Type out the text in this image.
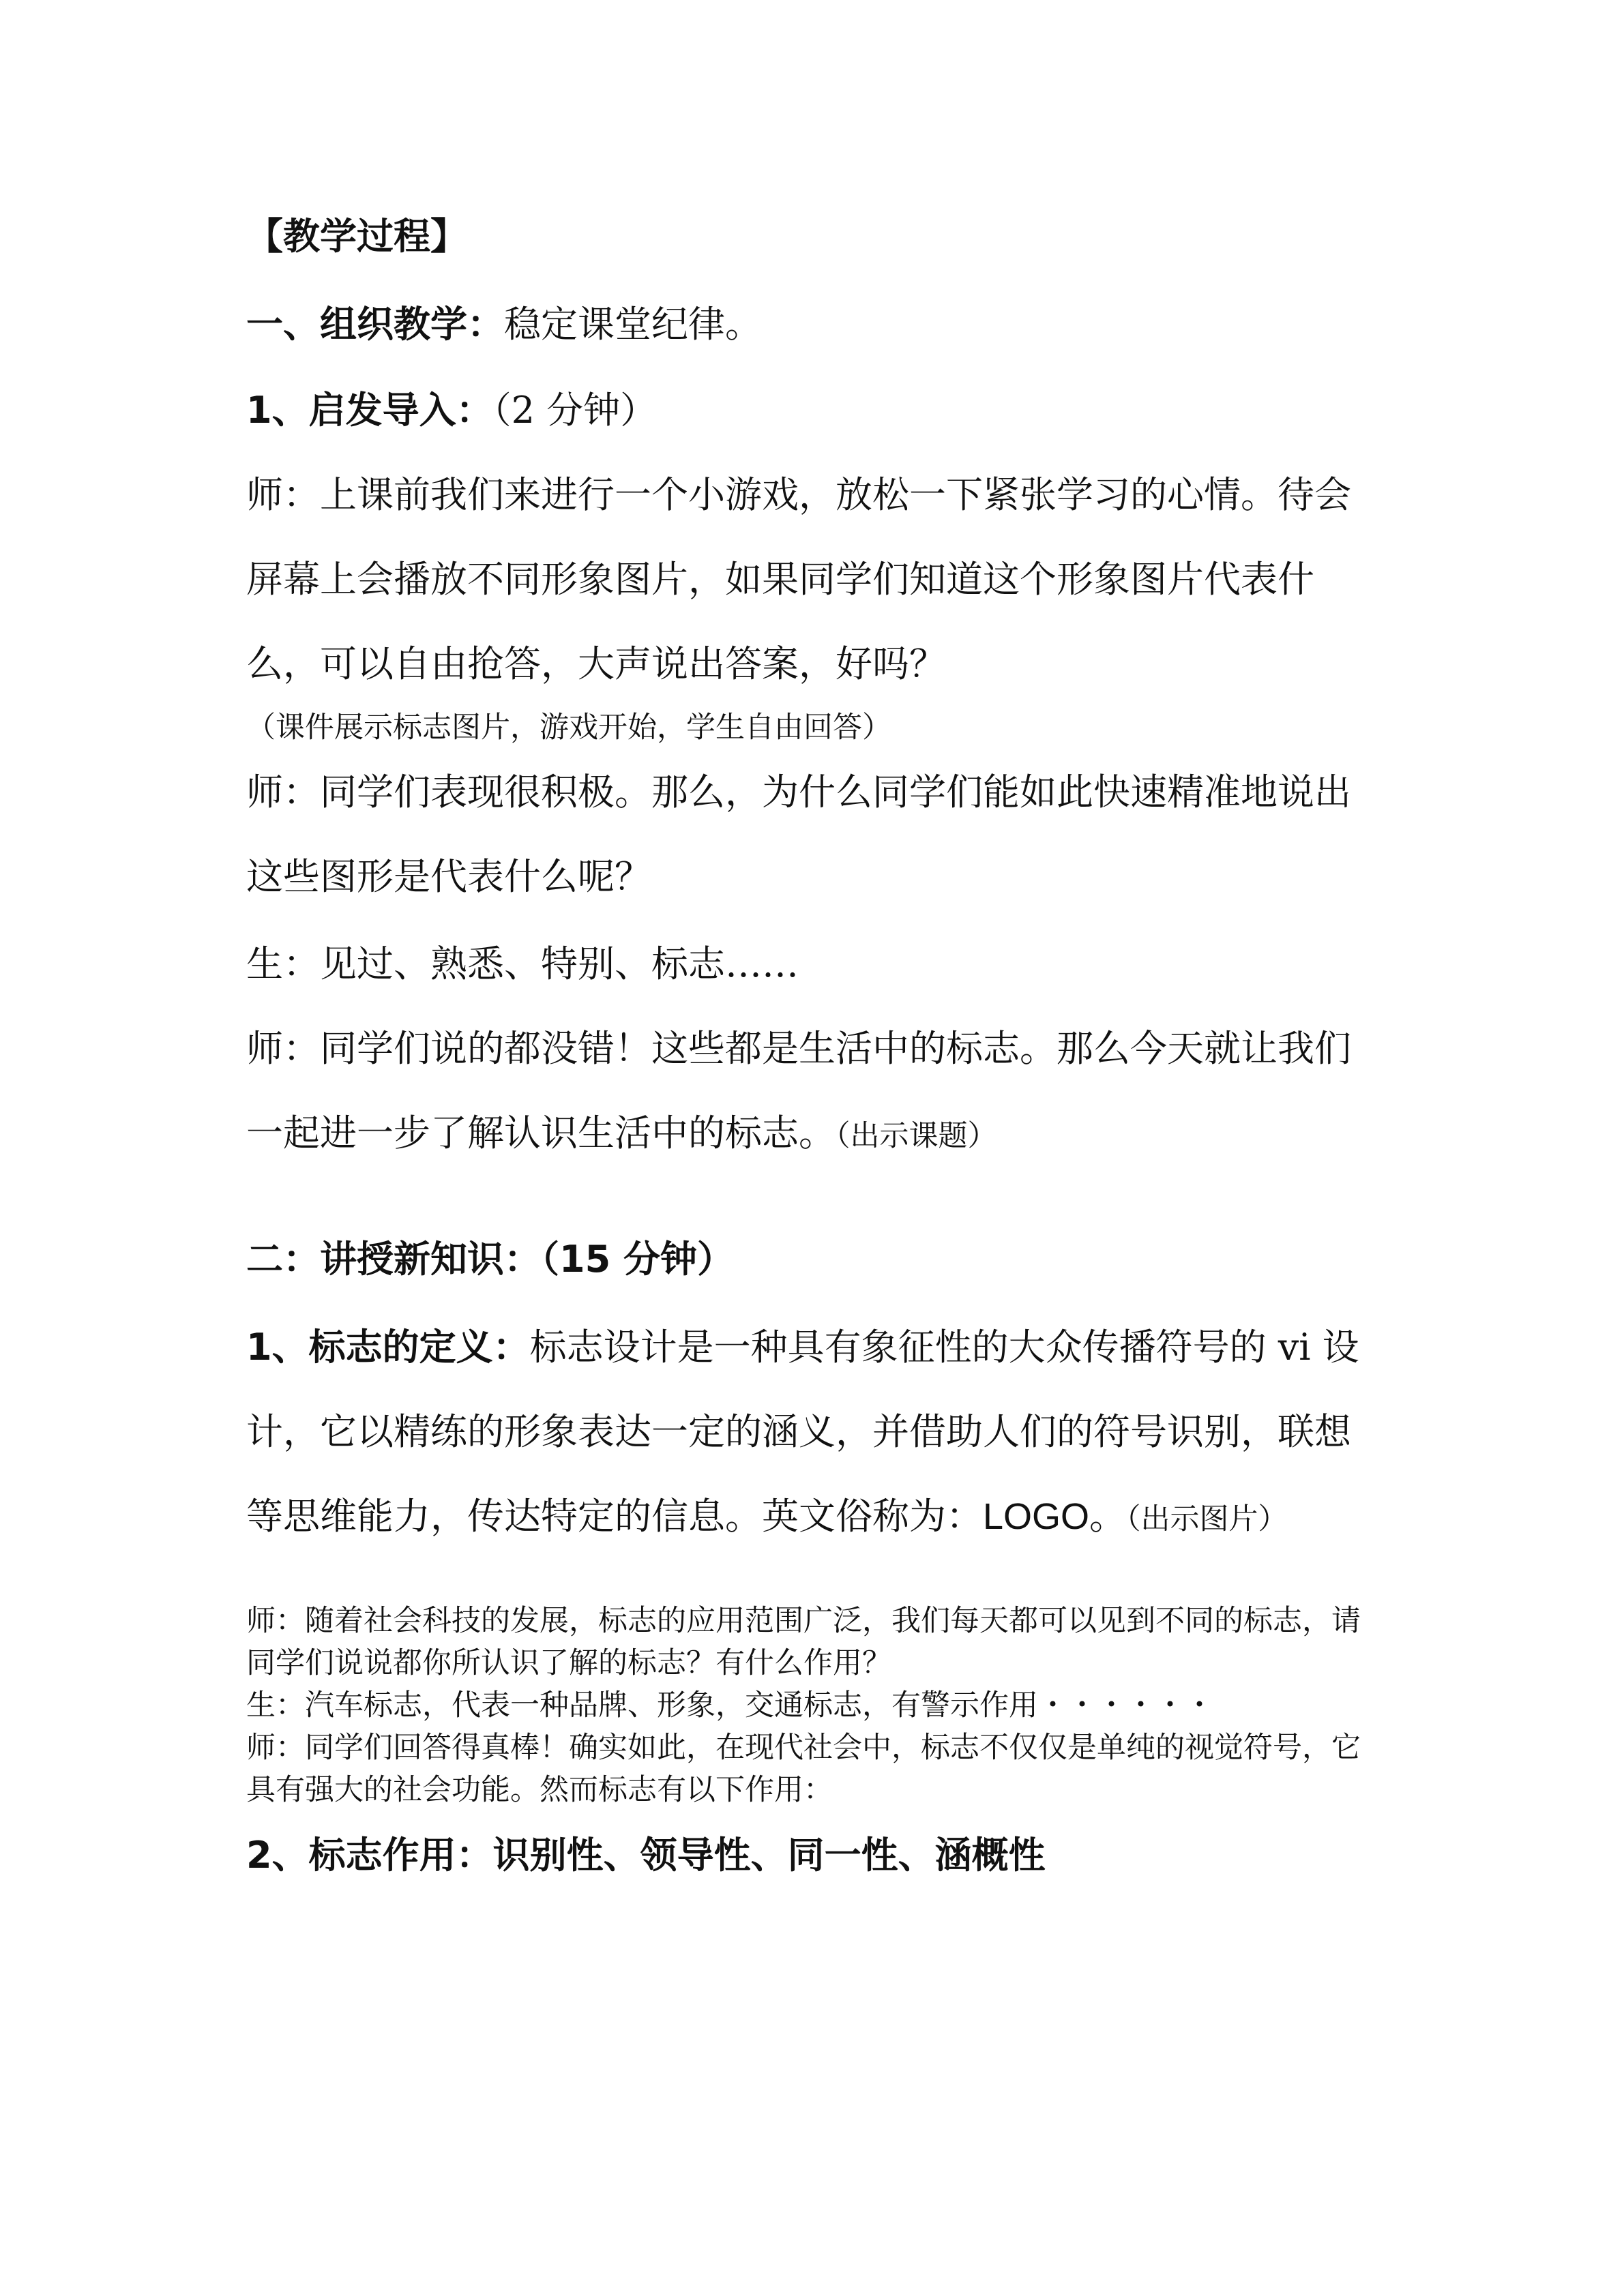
【教学过程】

一、组织教学：稳定课堂纪律。

1、启发导入：（2 分钟）

师：上课前我们来进行一个小游戏，放松一下紧张学习的心情。待会屏幕上会播放不同形象图片，如果同学们知道这个形象图片代表什么，可以自由抢答，大声说出答案，好吗？

（课件展示标志图片，游戏开始，学生自由回答）

师：同学们表现很积极。那么，为什么同学们能如此快速精准地说出这些图形是代表什么呢？

生：见过、熟悉、特别、标志……

师：同学们说的都没错！这些都是生活中的标志。那么今天就让我们一起进一步了解认识生活中的标志。（出示课题）

二：讲授新知识：（15 分钟）

1、标志的定义：标志设计是一种具有象征性的大众传播符号的 vi 设计，它以精练的形象表达一定的涵义，并借助人们的符号识别，联想等思维能力，传达特定的信息。英文俗称为：LOGO。（出示图片）

师：随着社会科技的发展，标志的应用范围广泛，我们每天都可以见到不同的标志，请同学们说说都你所认识了解的标志？有什么作用？

生：汽车标志，代表一种品牌、形象，交通标志，有警示作用・・・・・・

师：同学们回答得真棒！确实如此，在现代社会中，标志不仅仅是单纯的视觉符号，它具有强大的社会功能。然而标志有以下作用：

2、标志作用：识别性、领导性、同一性、涵概性
